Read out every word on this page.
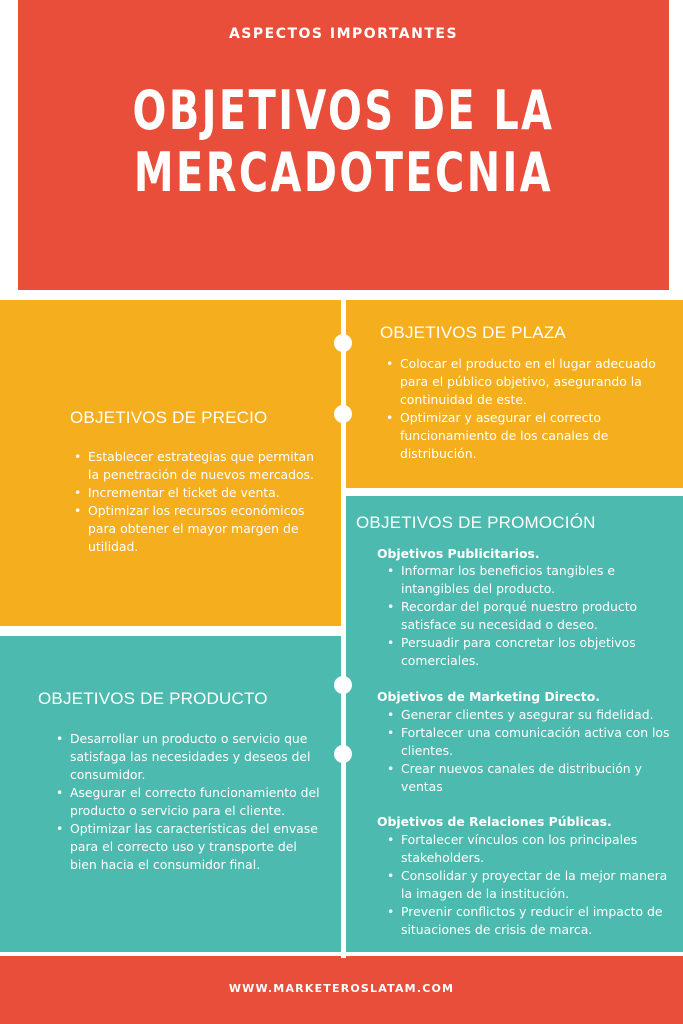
ASPECTOS IMPORTANTES
OBJETIVOS DE LA
MERCADOTECNIA
OBJETIVOS DE PLAZA
• Colocar el producto en el lugar adecuado para el público objetivo, asegurando la continuidad de este.
• Optimizar y asegurar el correcto funcionamiento de los canales de distribución.
OBJETIVOS DE PRECIO
• Establecer estrategias que permitan la penetración de nuevos mercados.
• Incrementar el ticket de venta.
• Optimizar los recursos económicos para obtener el mayor margen de utilidad.
OBJETIVOS DE PROMOCIÓN
Objetivos Publicitarios.
• Informar los beneficios tangibles e intangibles del producto.
• Recordar del porqué nuestro producto satisface su necesidad o deseo.
• Persuadir para concretar los objetivos comerciales.
Objetivos de Marketing Directo.
• Generar clientes y asegurar su fidelidad.
• Fortalecer una comunicación activa con los clientes.
• Crear nuevos canales de distribución y ventas
Objetivos de Relaciones Públicas.
• Fortalecer vínculos con los principales stakeholders.
• Consolidar y proyectar de la mejor manera la imagen de la institución.
• Prevenir conflictos y reducir el impacto de situaciones de crisis de marca.
OBJETIVOS DE PRODUCTO
• Desarrollar un producto o servicio que satisfaga las necesidades y deseos del consumidor.
• Asegurar el correcto funcionamiento del producto o servicio para el cliente.
• Optimizar las características del envase para el correcto uso y transporte del bien hacia el consumidor final.
WWW.MARKETEROSLATAM.COM
